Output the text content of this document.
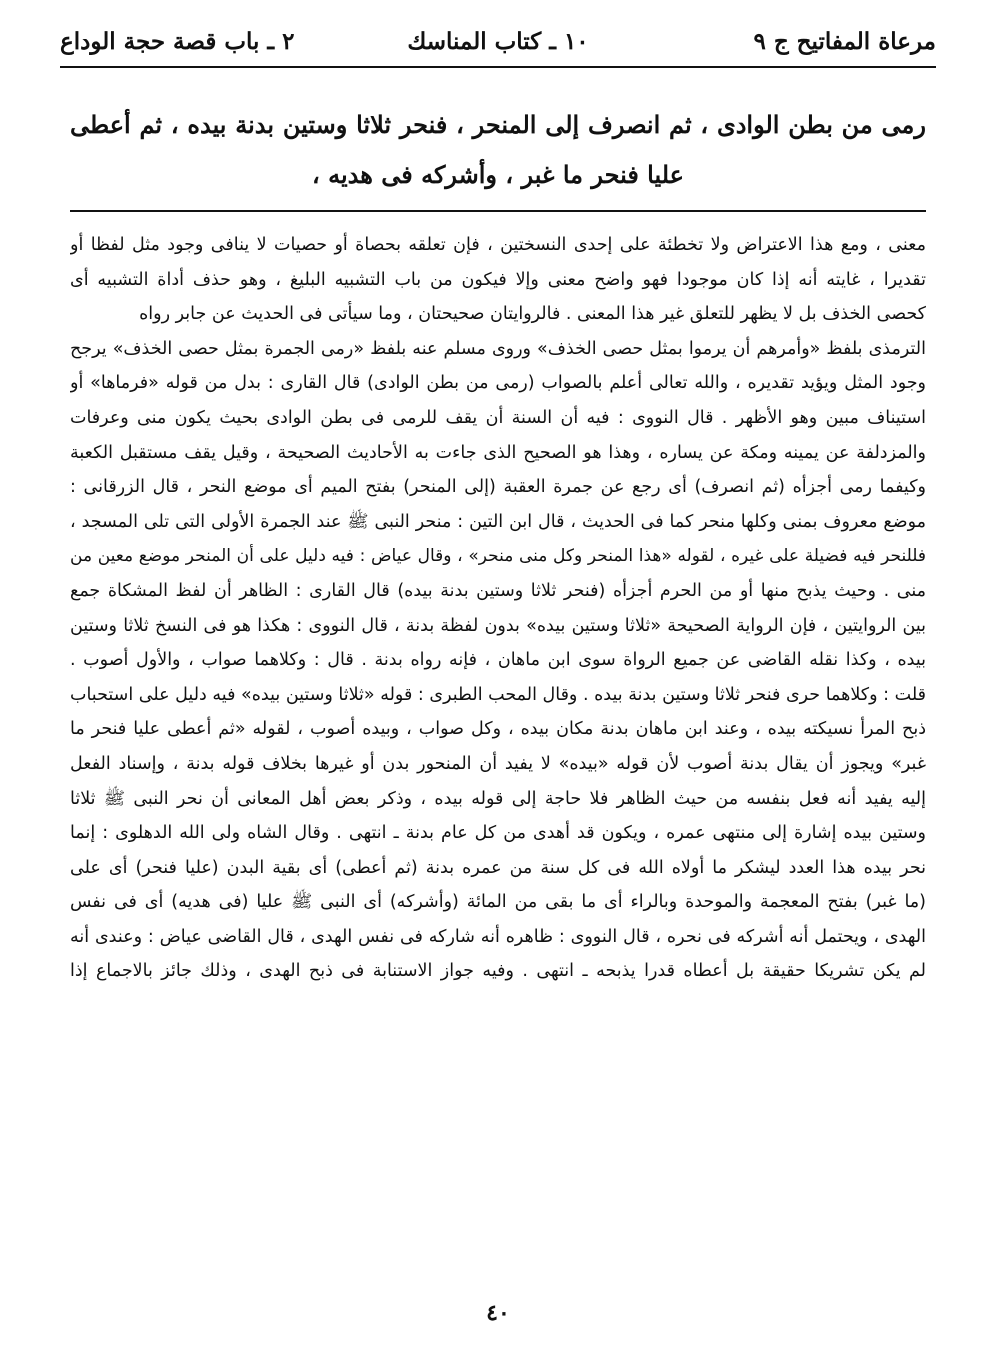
مرعاة المفاتيح ج ٩
١٠ ـ كتاب المناسك
٢ ـ باب قصة حجة الوداع
رمى من بطن الوادى ، ثم انصرف إلى المنحر ، فنحر ثلاثا وستين بدنة بيده ، ثم أعطى عليا فنحر ما غبر ، وأشركه فى هديه ،
معنى ، ومع هذا الاعتراض ولا تخطئة على إحدى النسختين ، فإن تعلقه بحصاة أو حصيات لا ينافى وجود مثل لفظا أو
تقديرا ، غايته أنه إذا كان موجودا فهو واضح معنى وإلا فيكون من باب التشبيه البليغ ، وهو حذف أداة التشبيه أى
كحصى الخذف بل لا يظهر للتعلق غير هذا المعنى . فالروايتان صحيحتان ، وما سيأتى فى الحديث عن جابر رواه
الترمذى بلفظ «وأمرهم أن يرموا بمثل حصى الخذف» وروى مسلم عنه بلفظ «رمى الجمرة بمثل حصى الخذف» يرجح
وجود المثل ويؤيد تقديره ، والله تعالى أعلم بالصواب (رمى من بطن الوادى) قال القارى : بدل من قوله «فرماها» أو
استيناف مبين وهو الأظهر . قال النووى : فيه أن السنة أن يقف للرمى فى بطن الوادى بحيث يكون منى وعرفات
والمزدلفة عن يمينه ومكة عن يساره ، وهذا هو الصحيح الذى جاءت به الأحاديث الصحيحة ، وقيل يقف مستقبل الكعبة
وكيفما رمى أجزأه (ثم انصرف) أى رجع عن جمرة العقبة (إلى المنحر) بفتح الميم أى موضع النحر ، قال الزرقانى :
موضع معروف بمنى وكلها منحر كما فى الحديث ، قال ابن التين : منحر النبى ﷺ عند الجمرة الأولى التى تلى المسجد ،
فللنحر فيه فضيلة على غيره ، لقوله «هذا المنحر وكل منى منحر» ، وقال عياض : فيه دليل على أن المنحر موضع معين من
منى . وحيث يذبح منها أو من الحرم أجزأه (فنحر ثلاثا وستين بدنة بيده) قال القارى : الظاهر أن لفظ المشكاة جمع
بين الروايتين ، فإن الرواية الصحيحة «ثلاثا وستين بيده» بدون لفظة بدنة ، قال النووى : هكذا هو فى النسخ ثلاثا وستين
بيده ، وكذا نقله القاضى عن جميع الرواة سوى ابن ماهان ، فإنه رواه بدنة . قال : وكلاهما صواب ، والأول أصوب .
قلت : وكلاهما حرى فنحر ثلاثا وستين بدنة بيده . وقال المحب الطبرى : قوله «ثلاثا وستين بيده» فيه دليل على استحباب
ذبح المرأ نسيكته بيده ، وعند ابن ماهان بدنة مكان بيده ، وكل صواب ، وبيده أصوب ، لقوله «ثم أعطى عليا فنحر ما
غبر» ويجوز أن يقال بدنة أصوب لأن قوله «بيده» لا يفيد أن المنحور بدن أو غيرها بخلاف قوله بدنة ، وإسناد الفعل
إليه يفيد أنه فعل بنفسه من حيث الظاهر فلا حاجة إلى قوله بيده ، وذكر بعض أهل المعانى أن نحر النبى ﷺ ثلاثا
وستين بيده إشارة إلى منتهى عمره ، ويكون قد أهدى من كل عام بدنة ـ انتهى . وقال الشاه ولى الله الدهلوى : إنما
نحر بيده هذا العدد ليشكر ما أولاه الله فى كل سنة من عمره بدنة (ثم أعطى) أى بقية البدن (عليا فنحر) أى على
(ما غبر) بفتح المعجمة والموحدة وبالراء أى ما بقى من المائة (وأشركه) أى النبى ﷺ عليا (فى هديه) أى فى نفس
الهدى ، ويحتمل أنه أشركه فى نحره ، قال النووى : ظاهره أنه شاركه فى نفس الهدى ، قال القاضى عياض : وعندى أنه
لم يكن تشريكا حقيقة بل أعطاه قدرا يذبحه ـ انتهى . وفيه جواز الاستنابة فى ذبح الهدى ، وذلك جائز بالاجماع إذا
٤٠
